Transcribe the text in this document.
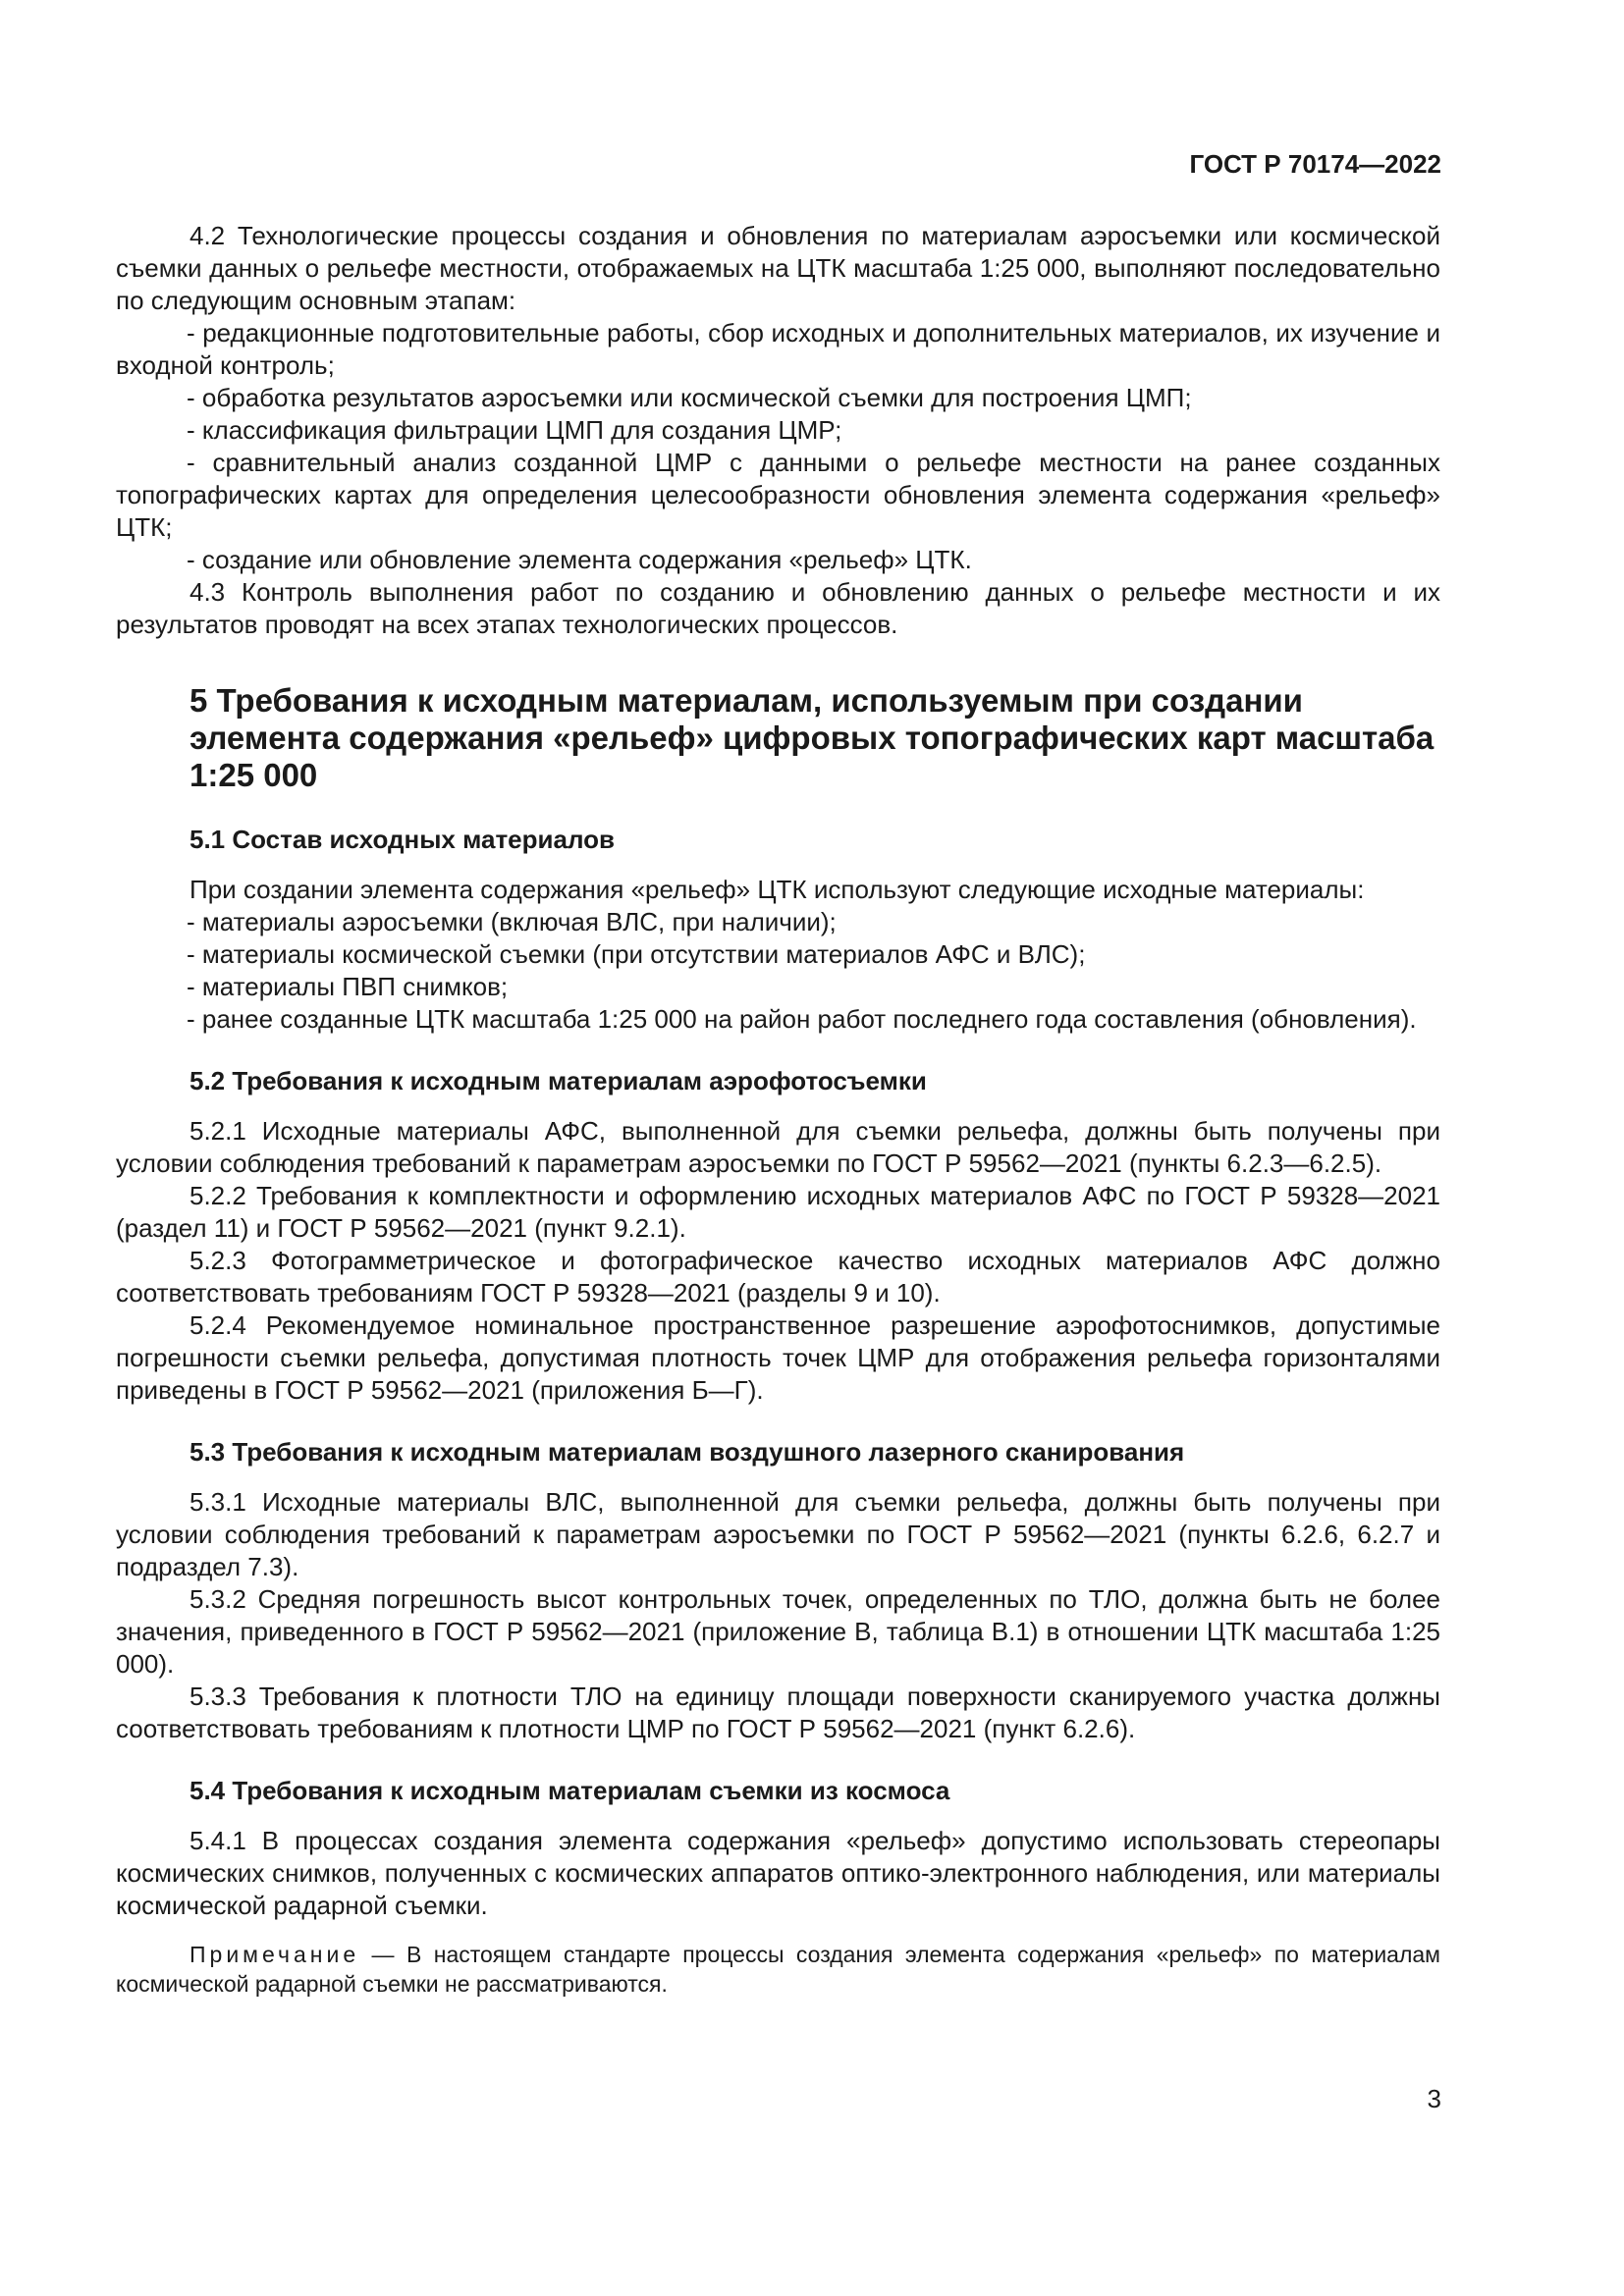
ГОСТ Р 70174—2022

4.2 Технологические процессы создания и обновления по материалам аэросъемки или космической съемки данных о рельефе местности, отображаемых на ЦТК масштаба 1:25 000, выполняют последовательно по следующим основным этапам:

- редакционные подготовительные работы, сбор исходных и дополнительных материалов, их изучение и входной контроль;

- обработка результатов аэросъемки или космической съемки для построения ЦМП;

- классификация фильтрации ЦМП для создания ЦМР;

- сравнительный анализ созданной ЦМР с данными о рельефе местности на ранее созданных топографических картах для определения целесообразности обновления элемента содержания «рельеф» ЦТК;

- создание или обновление элемента содержания «рельеф» ЦТК.

4.3 Контроль выполнения работ по созданию и обновлению данных о рельефе местности и их результатов проводят на всех этапах технологических процессов.

5 Требования к исходным материалам, используемым при создании элемента содержания «рельеф» цифровых топографических карт масштаба 1:25 000
5.1 Состав исходных материалов

При создании элемента содержания «рельеф» ЦТК используют следующие исходные материалы:

- материалы аэросъемки (включая ВЛС, при наличии);

- материалы космической съемки (при отсутствии материалов АФС и ВЛС);

- материалы ПВП снимков;

- ранее созданные ЦТК масштаба 1:25 000 на район работ последнего года составления (обновления).

5.2 Требования к исходным материалам аэрофотосъемки

5.2.1 Исходные материалы АФС, выполненной для съемки рельефа, должны быть получены при условии соблюдения требований к параметрам аэросъемки по ГОСТ Р 59562—2021 (пункты 6.2.3—6.2.5).

5.2.2 Требования к комплектности и оформлению исходных материалов АФС по ГОСТ Р 59328—2021 (раздел 11) и ГОСТ Р 59562—2021 (пункт 9.2.1).

5.2.3 Фотограмметрическое и фотографическое качество исходных материалов АФС должно соответствовать требованиям ГОСТ Р 59328—2021 (разделы 9 и 10).

5.2.4 Рекомендуемое номинальное пространственное разрешение аэрофотоснимков, допустимые погрешности съемки рельефа, допустимая плотность точек ЦМР для отображения рельефа горизонталями приведены в ГОСТ Р 59562—2021 (приложения Б—Г).

5.3 Требования к исходным материалам воздушного лазерного сканирования

5.3.1 Исходные материалы ВЛС, выполненной для съемки рельефа, должны быть получены при условии соблюдения требований к параметрам аэросъемки по ГОСТ Р 59562—2021 (пункты 6.2.6, 6.2.7 и подраздел 7.3).

5.3.2 Средняя погрешность высот контрольных точек, определенных по ТЛО, должна быть не более значения, приведенного в ГОСТ Р 59562—2021 (приложение В, таблица В.1) в отношении ЦТК масштаба 1:25 000).

5.3.3 Требования к плотности ТЛО на единицу площади поверхности сканируемого участка должны соответствовать требованиям к плотности ЦМР по ГОСТ Р 59562—2021 (пункт 6.2.6).

5.4 Требования к исходным материалам съемки из космоса

5.4.1 В процессах создания элемента содержания «рельеф» допустимо использовать стереопары космических снимков, полученных с космических аппаратов оптико-электронного наблюдения, или материалы космической радарной съемки.

Примечание — В настоящем стандарте процессы создания элемента содержания «рельеф» по материалам космической радарной съемки не рассматриваются.

3
